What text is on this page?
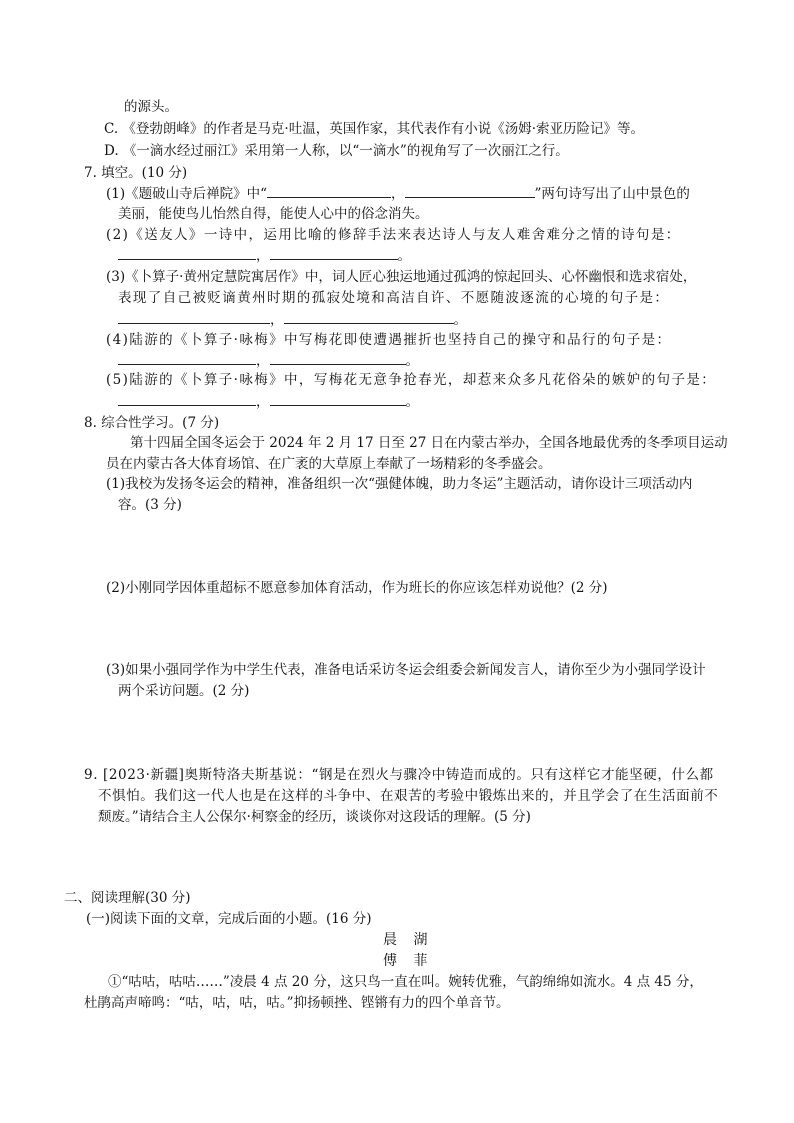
的源头。
C. 《登勃朗峰》的作者是马克·吐温，英国作家，其代表作有小说《汤姆·索亚历险记》等。
D. 《一滴水经过丽江》采用第一人称，以“一滴水”的视角写了一次丽江之行。
7. 填空。(10 分)
(1)《题破山寺后禅院》中“	，	”两句诗写出了山中景色的
美丽，能使鸟儿怡然自得，能使人心中的俗念消失。
(2)《送友人》一诗中，运用比喻的修辞手法来表达诗人与友人难舍难分之情的诗句是：
，	。
(3)《卜算子·黄州定慧院寓居作》中，词人匠心独运地通过孤鸿的惊起回头、心怀幽恨和选求宿处，
表现了自己被贬谪黄州时期的孤寂处境和高洁自许、不愿随波逐流的心境的句子是：
，	。
(4)陆游的《卜算子·咏梅》中写梅花即使遭遇摧折也坚持自己的操守和品行的句子是：
，	。
(5)陆游的《卜算子·咏梅》中，写梅花无意争抢春光，却惹来众多凡花俗朵的嫉妒的句子是：
，	。
8. 综合性学习。(7 分)
第十四届全国冬运会于 2024 年 2 月 17 日至 27 日在内蒙古举办，全国各地最优秀的冬季项目运动
员在内蒙古各大体育场馆、在广袤的大草原上奉献了一场精彩的冬季盛会。
(1)我校为发扬冬运会的精神，准备组织一次“强健体魄，助力冬运”主题活动，请你设计三项活动内
容。(3 分)
(2)小刚同学因体重超标不愿意参加体育活动，作为班长的你应该怎样劝说他？(2 分)
(3)如果小强同学作为中学生代表，准备电话采访冬运会组委会新闻发言人，请你至少为小强同学设计
两个采访问题。(2 分)
9. [2023·新疆]奥斯特洛夫斯基说：“钢是在烈火与骤冷中铸造而成的。只有这样它才能坚硬，什么都
不惧怕。我们这一代人也是在这样的斗争中、在艰苦的考验中锻炼出来的，并且学会了在生活面前不
颓废。”请结合主人公保尔·柯察金的经历，谈谈你对这段话的理解。(5 分)
二、阅读理解(30 分)
(一)阅读下面的文章，完成后面的小题。(16 分)
晨 湖
傅 菲
①“咕咕，咕咕……”凌晨 4 点 20 分，这只鸟一直在叫。婉转优雅，气韵绵绵如流水。4 点 45 分，
杜鹃高声啼鸣：“咕，咕，咕，咕。”抑扬顿挫、铿锵有力的四个单音节。
